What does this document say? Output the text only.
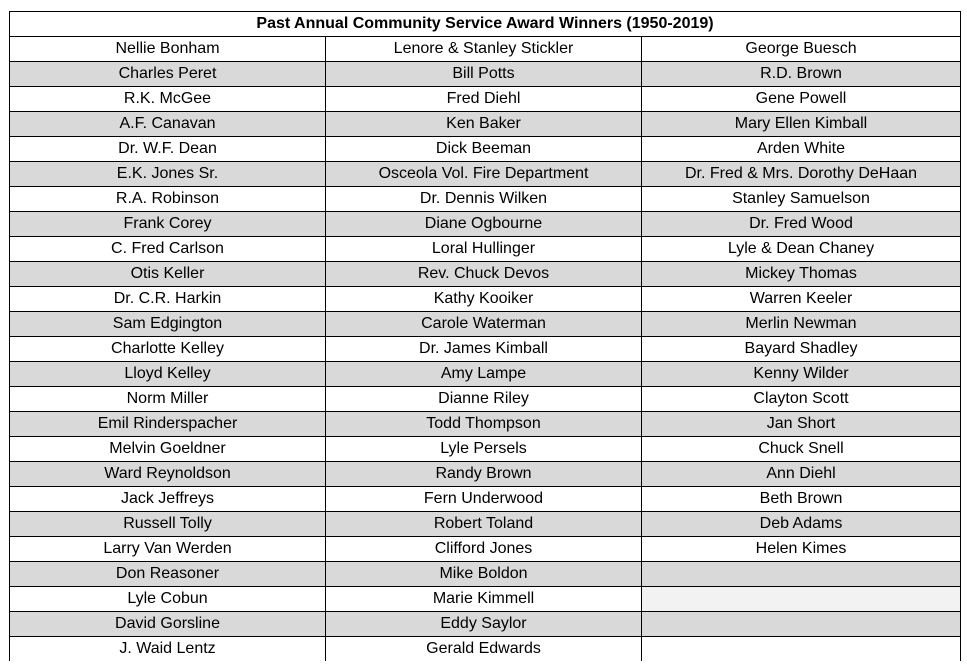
Past Annual Community Service Award Winners (1950-2019)		
Nellie Bonham	Lenore & Stanley Stickler	George Buesch
Charles Peret	Bill Potts	R.D. Brown
R.K. McGee	Fred Diehl	Gene Powell
A.F. Canavan	Ken Baker	Mary Ellen Kimball
Dr. W.F. Dean	Dick Beeman	Arden White
E.K. Jones Sr.	Osceola Vol. Fire Department	Dr. Fred & Mrs. Dorothy DeHaan
R.A. Robinson	Dr. Dennis Wilken	Stanley Samuelson
Frank Corey	Diane Ogbourne	Dr. Fred Wood
C. Fred Carlson	Loral Hullinger	Lyle & Dean Chaney
Otis Keller	Rev. Chuck Devos	Mickey Thomas
Dr. C.R. Harkin	Kathy Kooiker	Warren Keeler
Sam Edgington	Carole Waterman	Merlin Newman
Charlotte Kelley	Dr. James Kimball	Bayard Shadley
Lloyd Kelley	Amy Lampe	Kenny Wilder
Norm Miller	Dianne Riley	Clayton Scott
Emil Rinderspacher	Todd Thompson	Jan Short
Melvin Goeldner	Lyle Persels	Chuck Snell
Ward Reynoldson	Randy Brown	Ann Diehl
Jack Jeffreys	Fern Underwood	Beth Brown
Russell Tolly	Robert Toland	Deb Adams
Larry Van Werden	Clifford Jones	Helen Kimes
Don Reasoner	Mike Boldon	
Lyle Cobun	Marie Kimmell	
David Gorsline	Eddy Saylor	
J. Waid Lentz	Gerald Edwards	
